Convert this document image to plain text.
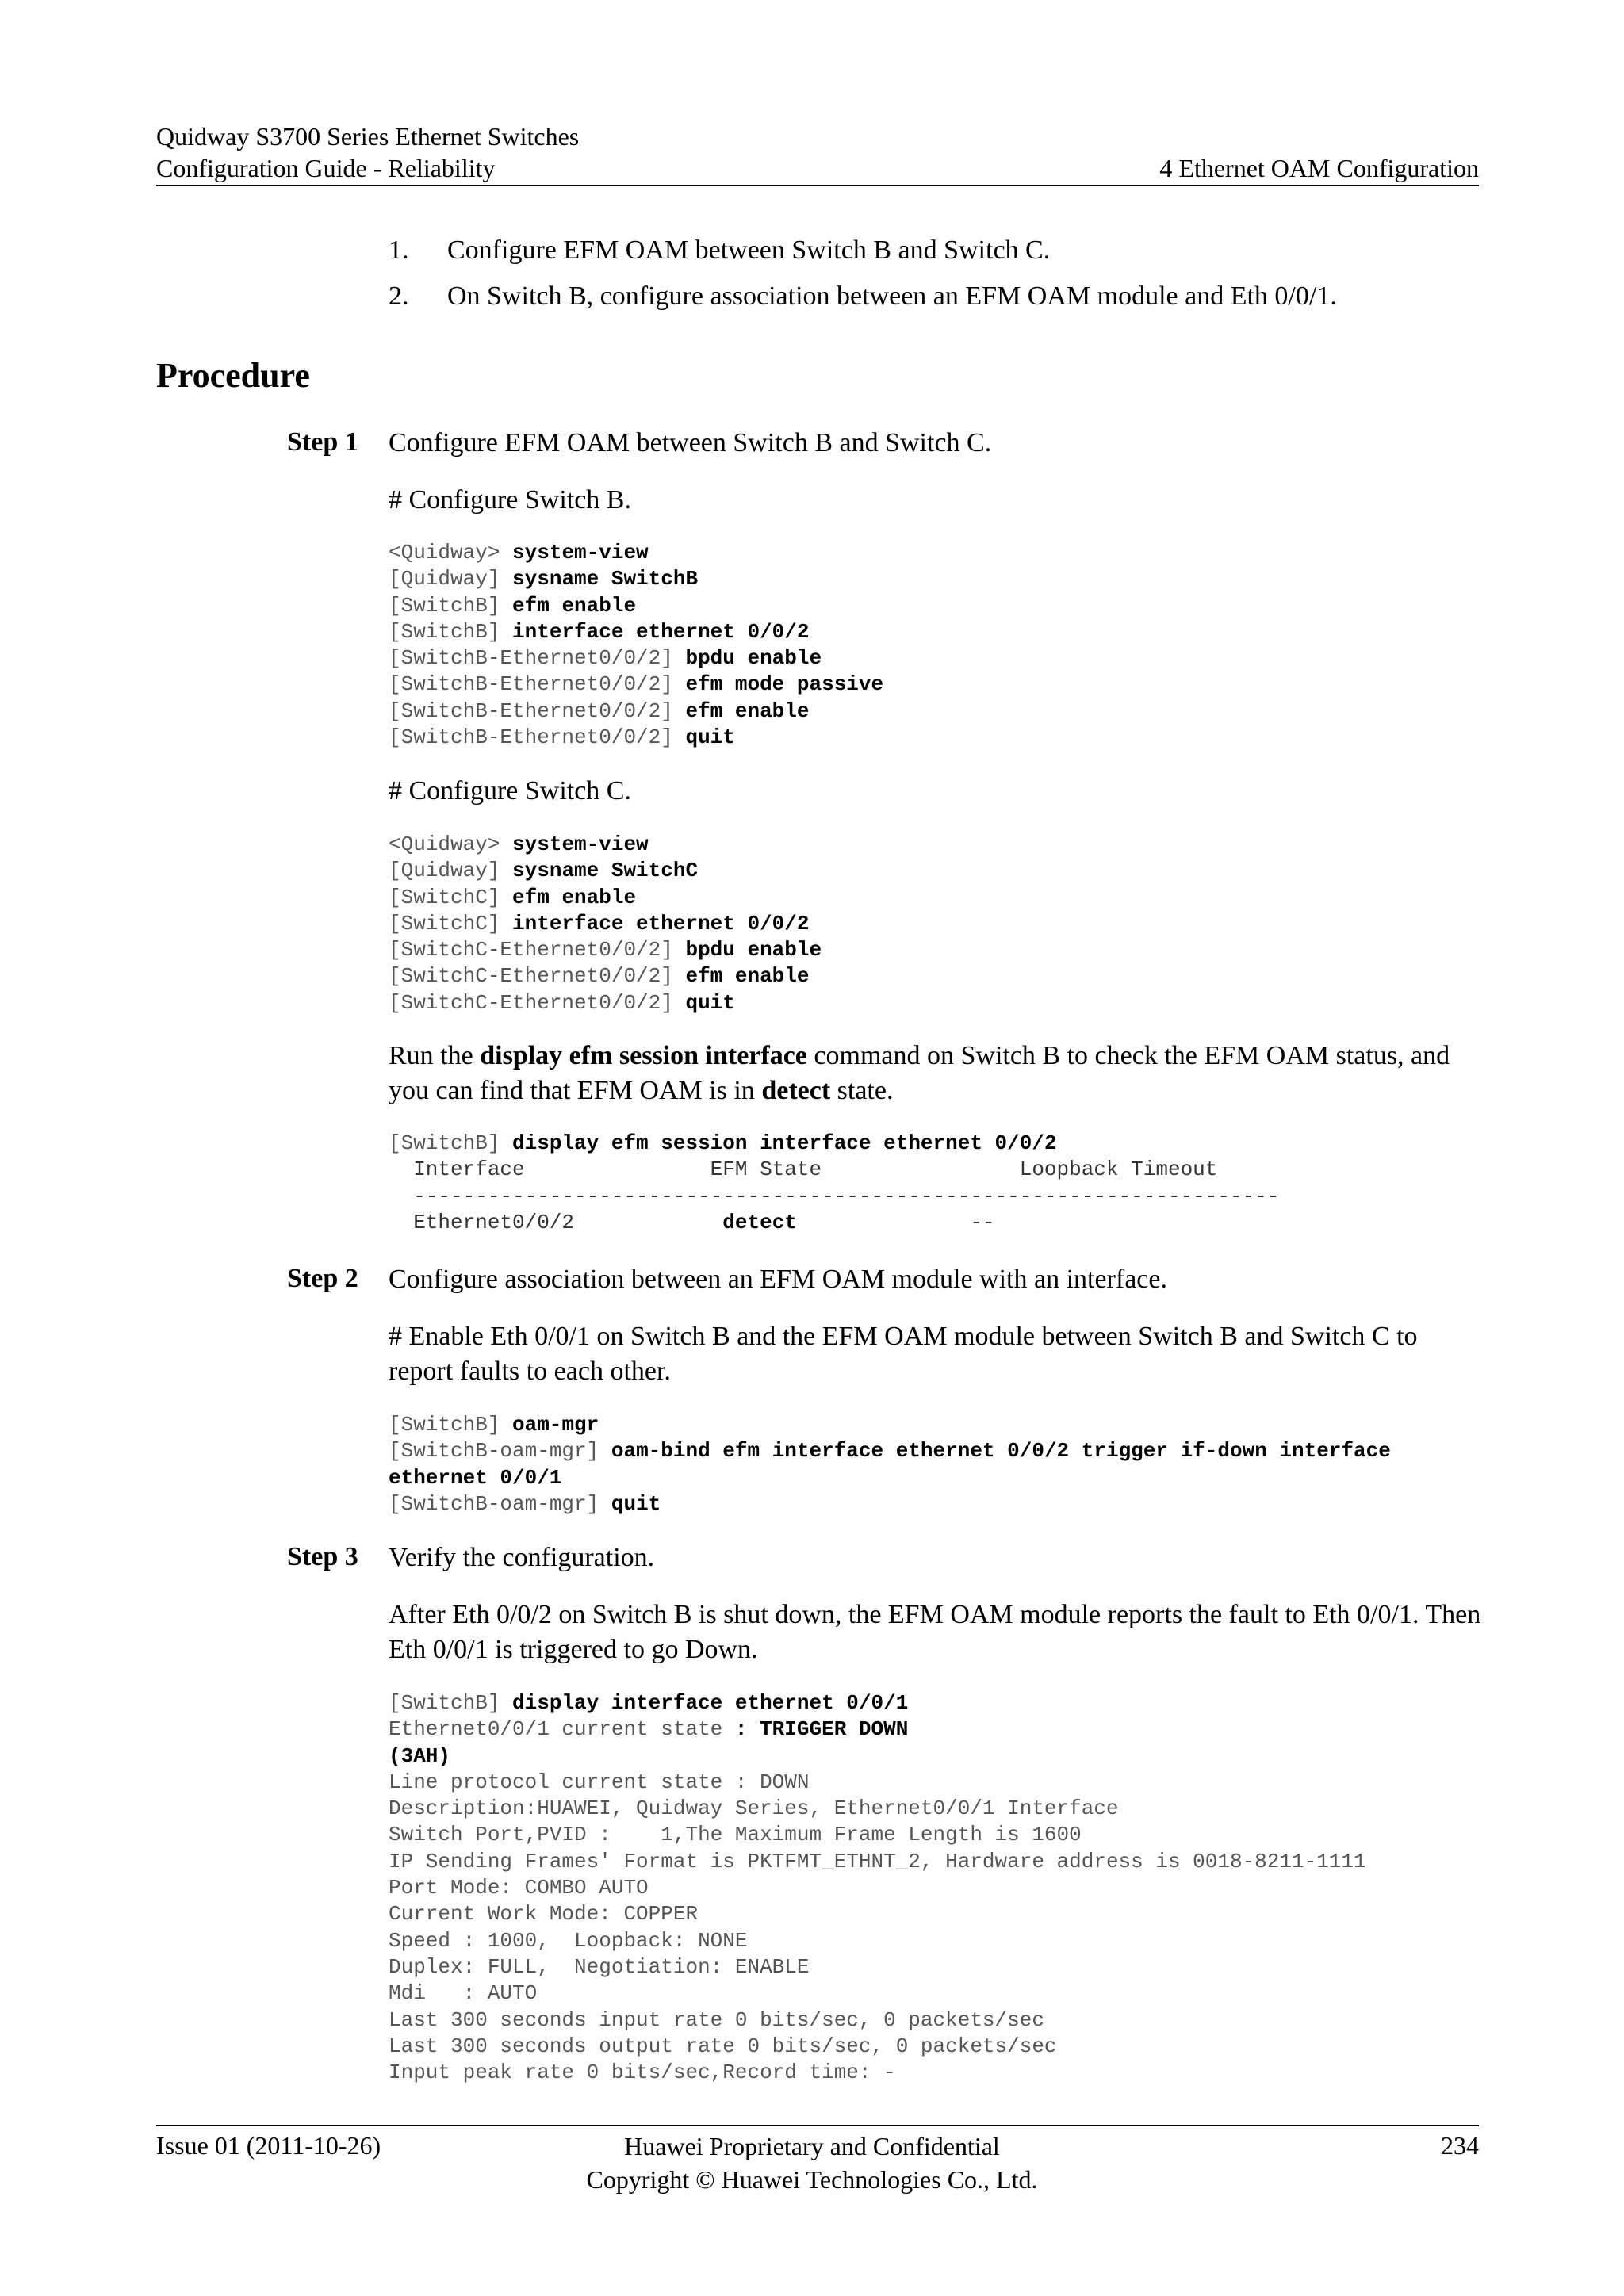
Quidway S3700 Series Ethernet Switches
Configuration Guide - Reliability	4 Ethernet OAM Configuration
1. Configure EFM OAM between Switch B and Switch C.
2. On Switch B, configure association between an EFM OAM module and Eth 0/0/1.
Procedure
Step 1 Configure EFM OAM between Switch B and Switch C.
# Configure Switch B.
<Quidway> system-view
[Quidway] sysname SwitchB
[SwitchB] efm enable
[SwitchB] interface ethernet 0/0/2
[SwitchB-Ethernet0/0/2] bpdu enable
[SwitchB-Ethernet0/0/2] efm mode passive
[SwitchB-Ethernet0/0/2] efm enable
[SwitchB-Ethernet0/0/2] quit
# Configure Switch C.
<Quidway> system-view
[Quidway] sysname SwitchC
[SwitchC] efm enable
[SwitchC] interface ethernet 0/0/2
[SwitchC-Ethernet0/0/2] bpdu enable
[SwitchC-Ethernet0/0/2] efm enable
[SwitchC-Ethernet0/0/2] quit
Run the display efm session interface command on Switch B to check the EFM OAM status, and you can find that EFM OAM is in detect state.
[SwitchB] display efm session interface ethernet 0/0/2
Interface               EFM State                Loopback Timeout
----------------------------------------------------------------------
Ethernet0/0/2            detect              --
Step 2 Configure association between an EFM OAM module with an interface.
# Enable Eth 0/0/1 on Switch B and the EFM OAM module between Switch B and Switch C to report faults to each other.
[SwitchB] oam-mgr
[SwitchB-oam-mgr] oam-bind efm interface ethernet 0/0/2 trigger if-down interface
ethernet 0/0/1
[SwitchB-oam-mgr] quit
Step 3 Verify the configuration.
After Eth 0/0/2 on Switch B is shut down, the EFM OAM module reports the fault to Eth 0/0/1. Then Eth 0/0/1 is triggered to go Down.
[SwitchB] display interface ethernet 0/0/1
Ethernet0/0/1 current state : TRIGGER DOWN
(3AH)
Line protocol current state : DOWN
Description:HUAWEI, Quidway Series, Ethernet0/0/1 Interface
Switch Port,PVID :    1,The Maximum Frame Length is 1600
IP Sending Frames' Format is PKTFMT_ETHNT_2, Hardware address is 0018-8211-1111
Port Mode: COMBO AUTO
Current Work Mode: COPPER
Speed : 1000,  Loopback: NONE
Duplex: FULL,  Negotiation: ENABLE
Mdi   : AUTO
Last 300 seconds input rate 0 bits/sec, 0 packets/sec
Last 300 seconds output rate 0 bits/sec, 0 packets/sec
Input peak rate 0 bits/sec,Record time: -
Issue 01 (2011-10-26)	Huawei Proprietary and Confidential
Copyright © Huawei Technologies Co., Ltd.
234
